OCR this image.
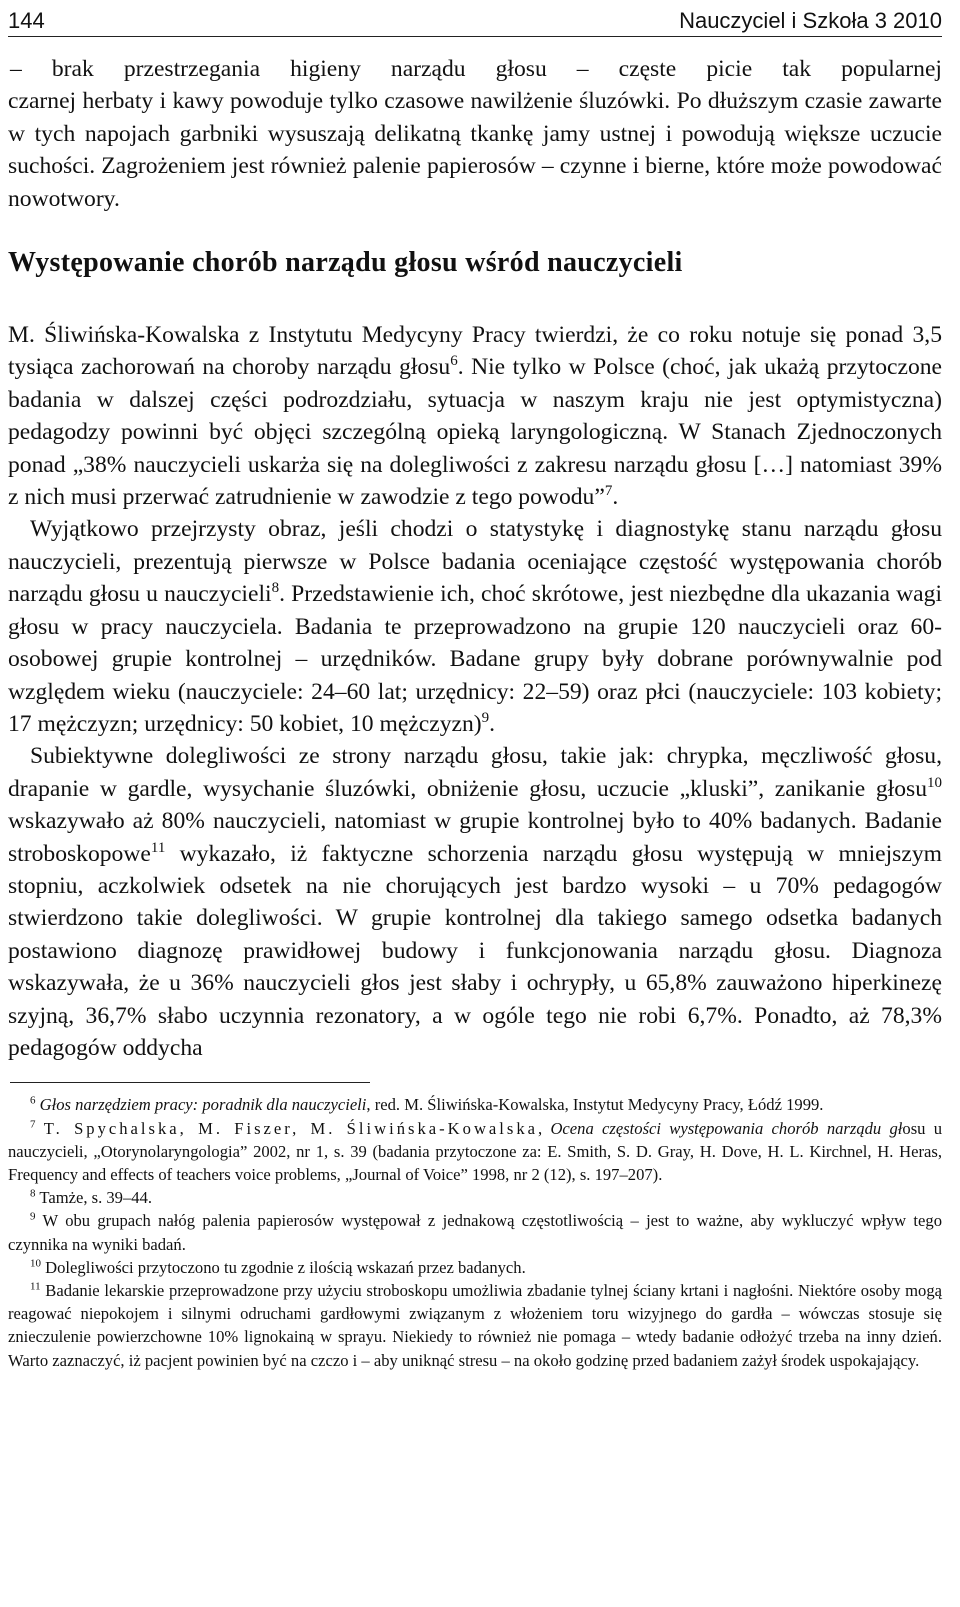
144	Nauczyciel i Szkoła 3 2010

– brak przestrzegania higieny narządu głosu – częste picie tak popularnej
czarnej herbaty i kawy powoduje tylko czasowe nawilżenie śluzówki. Po dłuższym czasie zawarte w tych napojach garbniki wysuszają delikatną tkankę jamy ustnej i powodują większe uczucie suchości. Zagrożeniem jest również palenie papierosów – czynne i bierne, które może powodować nowotwory.

Występowanie chorób narządu głosu wśród nauczycieli

M. Śliwińska-Kowalska z Instytutu Medycyny Pracy twierdzi, że co roku notuje się ponad 3,5 tysiąca zachorowań na choroby narządu głosu$^6$. Nie tylko w Polsce (choć, jak ukażą przytoczone badania w dalszej części podrozdziału, sytuacja w naszym kraju nie jest optymistyczna) pedagodzy powinni być objęci szczególną opieką laryngologiczną. W Stanach Zjednoczonych ponad „38% nauczycieli uskarża się na dolegliwości z zakresu narządu głosu […] natomiast 39% z nich musi przerwać zatrudnienie w zawodzie z tego powodu”$^7$.

Wyjątkowo przejrzysty obraz, jeśli chodzi o statystykę i diagnostykę stanu narządu głosu nauczycieli, prezentują pierwsze w Polsce badania oceniające częstość występowania chorób narządu głosu u nauczycieli$^8$. Przedstawienie ich, choć skrótowe, jest niezbędne dla ukazania wagi głosu w pracy nauczyciela. Badania te przeprowadzono na grupie 120 nauczycieli oraz 60-osobowej grupie kontrolnej – urzędników. Badane grupy były dobrane porównywalnie pod względem wieku (nauczyciele: 24–60 lat; urzędnicy: 22–59) oraz płci (nauczyciele: 103 kobiety; 17 mężczyzn; urzędnicy: 50 kobiet, 10 mężczyzn)$^9$.

Subiektywne dolegliwości ze strony narządu głosu, takie jak: chrypka, męczliwość głosu, drapanie w gardle, wysychanie śluzówki, obniżenie głosu, uczucie „kluski”, zanikanie głosu$^{10}$ wskazywało aż 80% nauczycieli, natomiast w grupie kontrolnej było to 40% badanych. Badanie stroboskopowe$^{11}$ wykazało, iż faktyczne schorzenia narządu głosu występują w mniejszym stopniu, aczkolwiek odsetek na nie chorujących jest bardzo wysoki – u 70% pedagogów stwierdzono takie dolegliwości. W grupie kontrolnej dla takiego samego odsetka badanych postawiono diagnozę prawidłowej budowy i funkcjonowania narządu głosu. Diagnoza wskazywała, że u 36% nauczycieli głos jest słaby i ochrypły, u 65,8% zauważono hiperkinezę szyjną, 36,7% słabo uczynnia rezonatory, a w ogóle tego nie robi 6,7%. Ponadto, aż 78,3% pedagogów oddycha

$^6$ Głos narzędziem pracy: poradnik dla nauczycieli, red. M. Śliwińska-Kowalska, Instytut Medycyny Pracy, Łódź 1999.

$^7$ T. Spychalska, M. Fiszer, M. Śliwińska-Kowalska, Ocena częstości występowania chorób narządu głosu u nauczycieli, „Otorynolaryngologia” 2002, nr 1, s. 39 (badania przytoczone za: E. Smith, S. D. Gray, H. Dove, H. L. Kirchnel, H. Heras, Frequency and effects of teachers voice problems, „Journal of Voice” 1998, nr 2 (12), s. 197–207).

$^8$ Tamże, s. 39–44.

$^9$ W obu grupach nałóg palenia papierosów występował z jednakową częstotliwością – jest to ważne, aby wykluczyć wpływ tego czynnika na wyniki badań.

$^{10}$ Dolegliwości przytoczono tu zgodnie z ilością wskazań przez badanych.

$^{11}$ Badanie lekarskie przeprowadzone przy użyciu stroboskopu umożliwia zbadanie tylnej ściany krtani i nagłośni. Niektóre osoby mogą reagować niepokojem i silnymi odruchami gardłowymi związanym z włożeniem toru wizyjnego do gardła – wówczas stosuje się znieczulenie powierzchowne 10% lignokainą w sprayu. Niekiedy to również nie pomaga – wtedy badanie odłożyć trzeba na inny dzień. Warto zaznaczyć, iż pacjent powinien być na czczo i – aby uniknąć stresu – na około godzinę przed badaniem zażył środek uspokajający.
